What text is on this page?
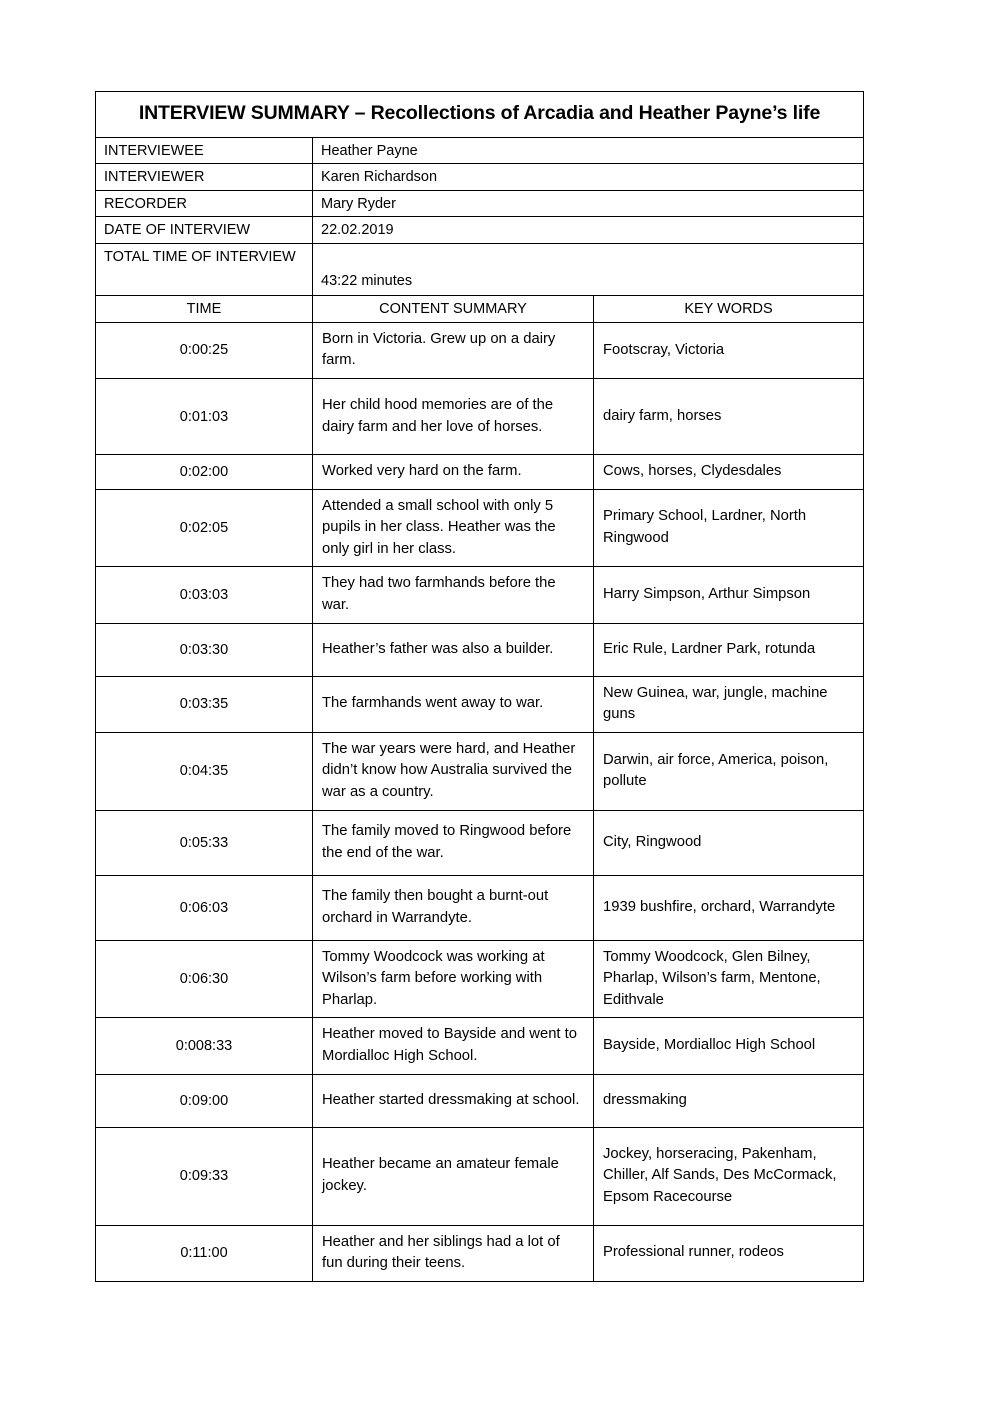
INTERVIEW SUMMARY – Recollections of Arcadia and Heather Payne’s life		
INTERVIEWEE	Heather Payne	
INTERVIEWER	Karen Richardson	
RECORDER	Mary Ryder	
DATE OF INTERVIEW	22.02.2019	
TOTAL TIME OF INTERVIEW	43:22 minutes	
TIME	CONTENT SUMMARY	KEY WORDS
0:00:25	Born in Victoria. Grew up on a dairy farm.	Footscray, Victoria
0:01:03	Her child hood memories are of the dairy farm and her love of horses.	dairy farm, horses
0:02:00	Worked very hard on the farm.	Cows, horses, Clydesdales
0:02:05	Attended a small school with only 5 pupils in her class. Heather was the only girl in her class.	Primary School, Lardner, North Ringwood
0:03:03	They had two farmhands before the war.	Harry Simpson, Arthur Simpson
0:03:30	Heather’s father was also a builder.	Eric Rule, Lardner Park, rotunda
0:03:35	The farmhands went away to war.	New Guinea, war, jungle, machine guns
0:04:35	The war years were hard, and Heather didn’t know how Australia survived the war as a country.	Darwin, air force, America, poison, pollute
0:05:33	The family moved to Ringwood before the end of the war.	City, Ringwood
0:06:03	The family then bought a burnt-out orchard in Warrandyte.	1939 bushfire, orchard, Warrandyte
0:06:30	Tommy Woodcock was working at Wilson’s farm before working with Pharlap.	Tommy Woodcock, Glen Bilney, Pharlap, Wilson’s farm, Mentone, Edithvale
0:008:33	Heather moved to Bayside and went to Mordialloc High School.	Bayside, Mordialloc High School
0:09:00	Heather started dressmaking at school.	dressmaking
0:09:33	Heather became an amateur female jockey.	Jockey, horseracing, Pakenham, Chiller, Alf Sands, Des McCormack, Epsom Racecourse
0:11:00	Heather and her siblings had a lot of fun during their teens.	Professional runner, rodeos
